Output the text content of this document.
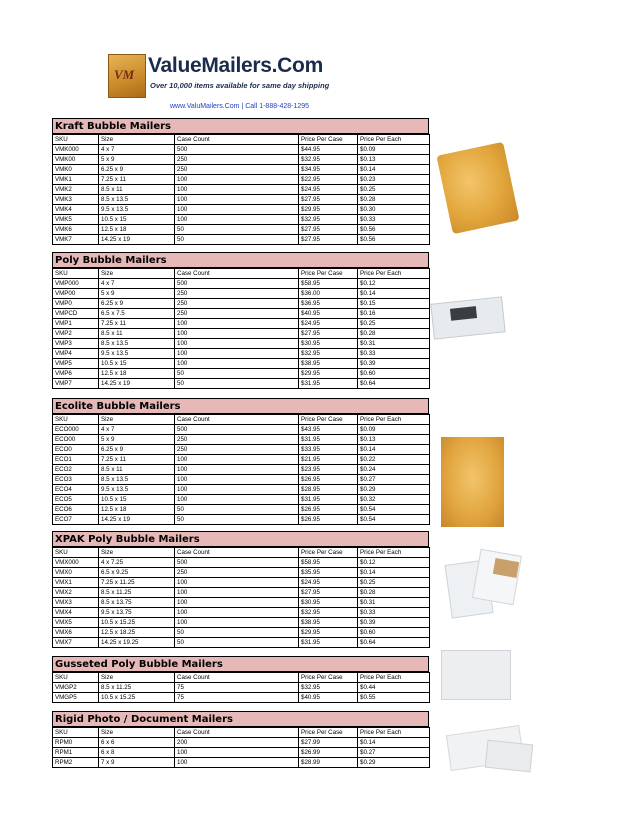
VM ValueMailers.Com
Over 10,000 items available for same day shipping
www.ValuMailers.Com | Call 1-888-428-1295
Kraft Bubble Mailers
SKU	Size	Case Count	Price Per Case	Price Per Each
VMK000	4 x 7	500	$44.95	$0.09
VMK00	5 x 9	250	$32.95	$0.13
VMK0	6.25 x 9	250	$34.95	$0.14
VMK1	7.25 x 11	100	$22.95	$0.23
VMK2	8.5 x 11	100	$24.95	$0.25
VMK3	8.5 x 13.5	100	$27.95	$0.28
VMK4	9.5 x 13.5	100	$29.95	$0.30
VMK5	10.5 x 15	100	$32.95	$0.33
VMK6	12.5 x 18	50	$27.95	$0.56
VMK7	14.25 x 19	50	$27.95	$0.56
Poly Bubble Mailers
SKU	Size	Case Count	Price Per Case	Price Per Each
VMP000	4 x 7	500	$58.95	$0.12
VMP00	5 x 9	250	$36.00	$0.14
VMP0	6.25 x 9	250	$36.95	$0.15
VMPCD	6.5 x 7.5	250	$40.95	$0.16
VMP1	7.25 x 11	100	$24.95	$0.25
VMP2	8.5 x 11	100	$27.95	$0.28
VMP3	8.5 x 13.5	100	$30.95	$0.31
VMP4	9.5 x 13.5	100	$32.95	$0.33
VMP5	10.5 x 15	100	$38.95	$0.39
VMP6	12.5 x 18	50	$29.95	$0.60
VMP7	14.25 x 19	50	$31.95	$0.64
Ecolite Bubble Mailers
SKU	Size	Case Count	Price Per Case	Price Per Each
ECO000	4 x 7	500	$43.95	$0.09
ECO00	5 x 9	250	$31.95	$0.13
ECO0	6.25 x 9	250	$33.95	$0.14
ECO1	7.25 x 11	100	$21.95	$0.22
ECO2	8.5 x 11	100	$23.95	$0.24
ECO3	8.5 x 13.5	100	$26.95	$0.27
ECO4	9.5 x 13.5	100	$28.95	$0.29
ECO5	10.5 x 15	100	$31.95	$0.32
ECO6	12.5 x 18	50	$26.95	$0.54
ECO7	14.25 x 19	50	$26.95	$0.54
XPAK Poly Bubble Mailers
SKU	Size	Case Count	Price Per Case	Price Per Each
VMX000	4 x 7.25	500	$58.95	$0.12
VMX0	6.5 x 9.25	250	$35.95	$0.14
VMX1	7.25 x 11.25	100	$24.95	$0.25
VMX2	8.5 x 11.25	100	$27.95	$0.28
VMX3	8.5 x 13.75	100	$30.95	$0.31
VMX4	9.5 x 13.75	100	$32.95	$0.33
VMX5	10.5 x 15.25	100	$38.95	$0.39
VMX6	12.5 x 18.25	50	$29.95	$0.60
VMX7	14.25 x 19.25	50	$31.95	$0.64
Gusseted Poly Bubble Mailers
SKU	Size	Case Count	Price Per Case	Price Per Each
VMGP2	8.5 x 11.25	75	$32.95	$0.44
VMGP5	10.5 x 15.25	75	$40.95	$0.55
Rigid Photo / Document Mailers
SKU	Size	Case Count	Price Per Case	Price Per Each
RPM0	6 x 6	200	$27.99	$0.14
RPM1	6 x 8	100	$26.99	$0.27
RPM2	7 x 9	100	$28.99	$0.29
